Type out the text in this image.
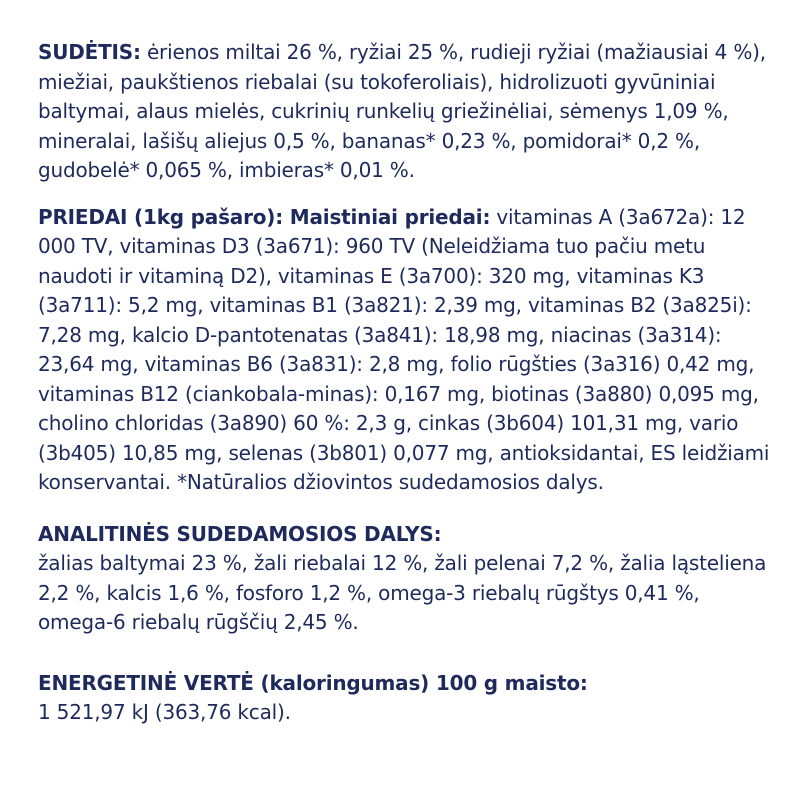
SUDĖTIS: ėrienos miltai 26 %, ryžiai 25 %, rudieji ryžiai (mažiausiai 4 %), miežiai, paukštienos riebalai (su tokoferoliais), hidrolizuoti gyvūniniai baltymai, alaus mielės, cukrinių runkelių griežinėliai, sėmenys 1,09 %, mineralai, lašišų aliejus 0,5 %, bananas* 0,23 %, pomidorai* 0,2 %, gudobelė* 0,065 %, imbieras* 0,01 %.

PRIEDAI (1kg pašaro): Maistiniai priedai: vitaminas A (3a672a): 12 000 TV, vitaminas D3 (3a671): 960 TV (Neleidžiama tuo pačiu metu naudoti ir vitaminą D2), vitaminas E (3a700): 320 mg, vitaminas K3 (3a711): 5,2 mg, vitaminas B1 (3a821): 2,39 mg, vitaminas B2 (3a825i): 7,28 mg, kalcio D-pantotenatas (3a841): 18,98 mg, niacinas (3a314): 23,64 mg, vitaminas B6 (3a831): 2,8 mg, folio rūgšties (3a316) 0,42 mg, vitaminas B12 (ciankobala-minas): 0,167 mg, biotinas (3a880) 0,095 mg, cholino chloridas (3a890) 60 %: 2,3 g, cinkas (3b604) 101,31 mg, vario (3b405) 10,85 mg, selenas (3b801) 0,077 mg, antioksidantai, ES leidžiami konservantai. *Natūralios džiovintos sudedamosios dalys.

ANALITINĖS SUDEDAMOSIOS DALYS:
žalias baltymai 23 %, žali riebalai 12 %, žali pelenai 7,2 %, žalia ląsteliena 2,2 %, kalcis 1,6 %, fosforo 1,2 %, omega-3 riebalų rūgštys 0,41 %, omega-6 riebalų rūgščių 2,45 %.
ENERGETINĖ VERTĖ (kaloringumas) 100 g maisto:
1 521,97 kJ (363,76 kcal).
